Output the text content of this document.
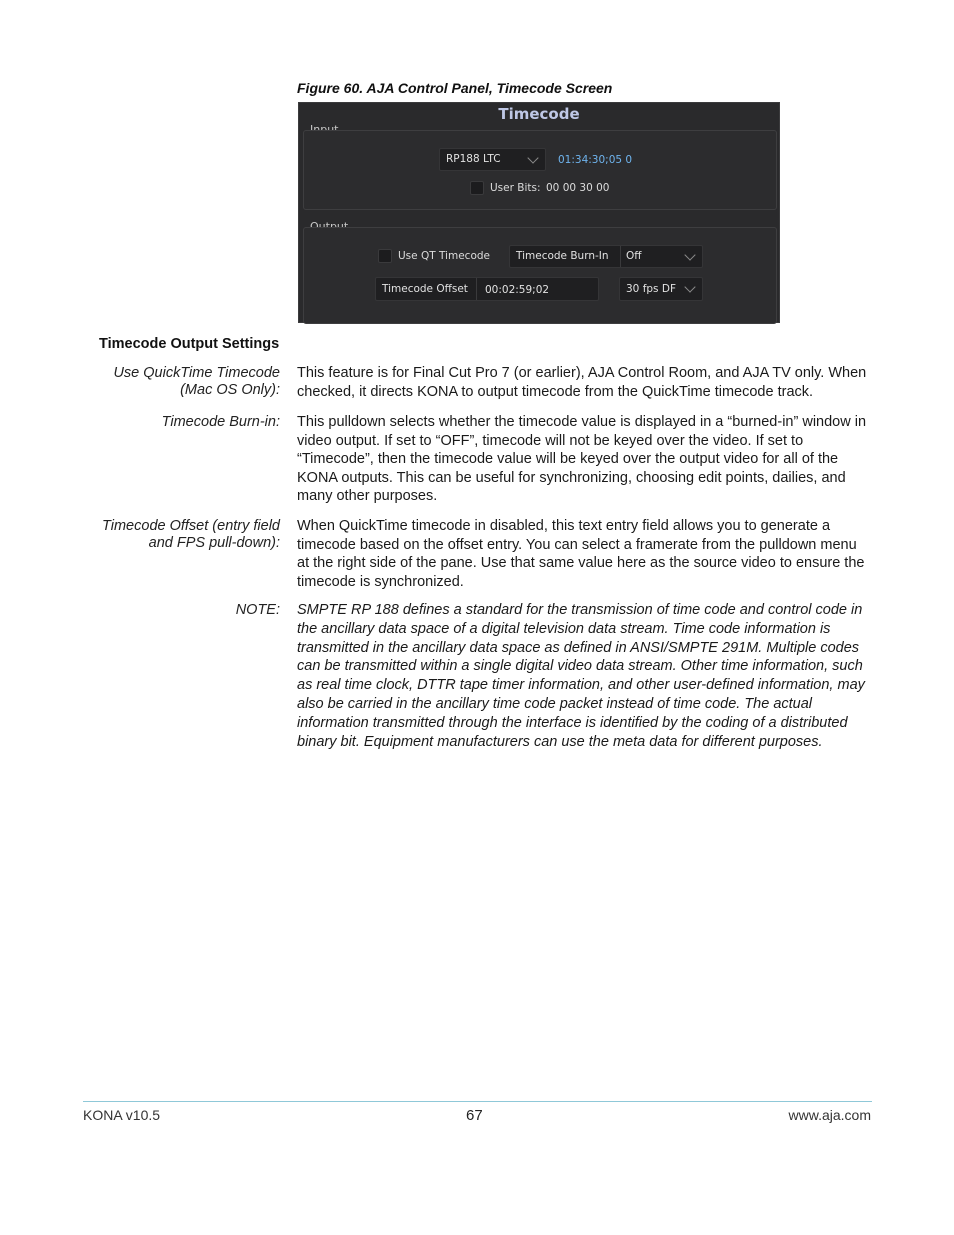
Figure 60. AJA Control Panel, Timecode Screen
Timecode
RP188 LTC	01:34:30;05 0
User Bits: 00 00 30 00
Use QT Timecode	Timecode Burn-In Off
Timecode Offset 00:02:59;02	30 fps DF
Timecode Output Settings
Use QuickTime Timecode
(Mac OS Only):
This feature is for Final Cut Pro 7 (or earlier), AJA Control Room, and AJA TV only. When checked, it directs KONA to output timecode from the QuickTime timecode track.
Timecode Burn-in: This pulldown selects whether the timecode value is displayed in a “burned-in” window in video output. If set to “OFF”, timecode will not be keyed over the video. If set to “Timecode”, then the timecode value will be keyed over the output video for all of the KONA outputs. This can be useful for synchronizing, choosing edit points, dailies, and many other purposes.
Timecode Offset (entry field
and FPS pull-down):
When QuickTime timecode in disabled, this text entry field allows you to generate a timecode based on the offset entry. You can select a framerate from the pulldown menu at the right side of the pane. Use that same value here as the source video to ensure the timecode is synchronized.
NOTE: SMPTE RP 188 defines a standard for the transmission of time code and control code in the ancillary data space of a digital television data stream. Time code information is transmitted in the ancillary data space as defined in ANSI/SMPTE 291M. Multiple codes can be transmitted within a single digital video data stream. Other time information, such as real time clock, DTTR tape timer information, and other user-defined information, may also be carried in the ancillary time code packet instead of time code. The actual information transmitted through the interface is identified by the coding of a distributed binary bit. Equipment manufacturers can use the meta data for different purposes.
KONA v10.5	67	www.aja.com
